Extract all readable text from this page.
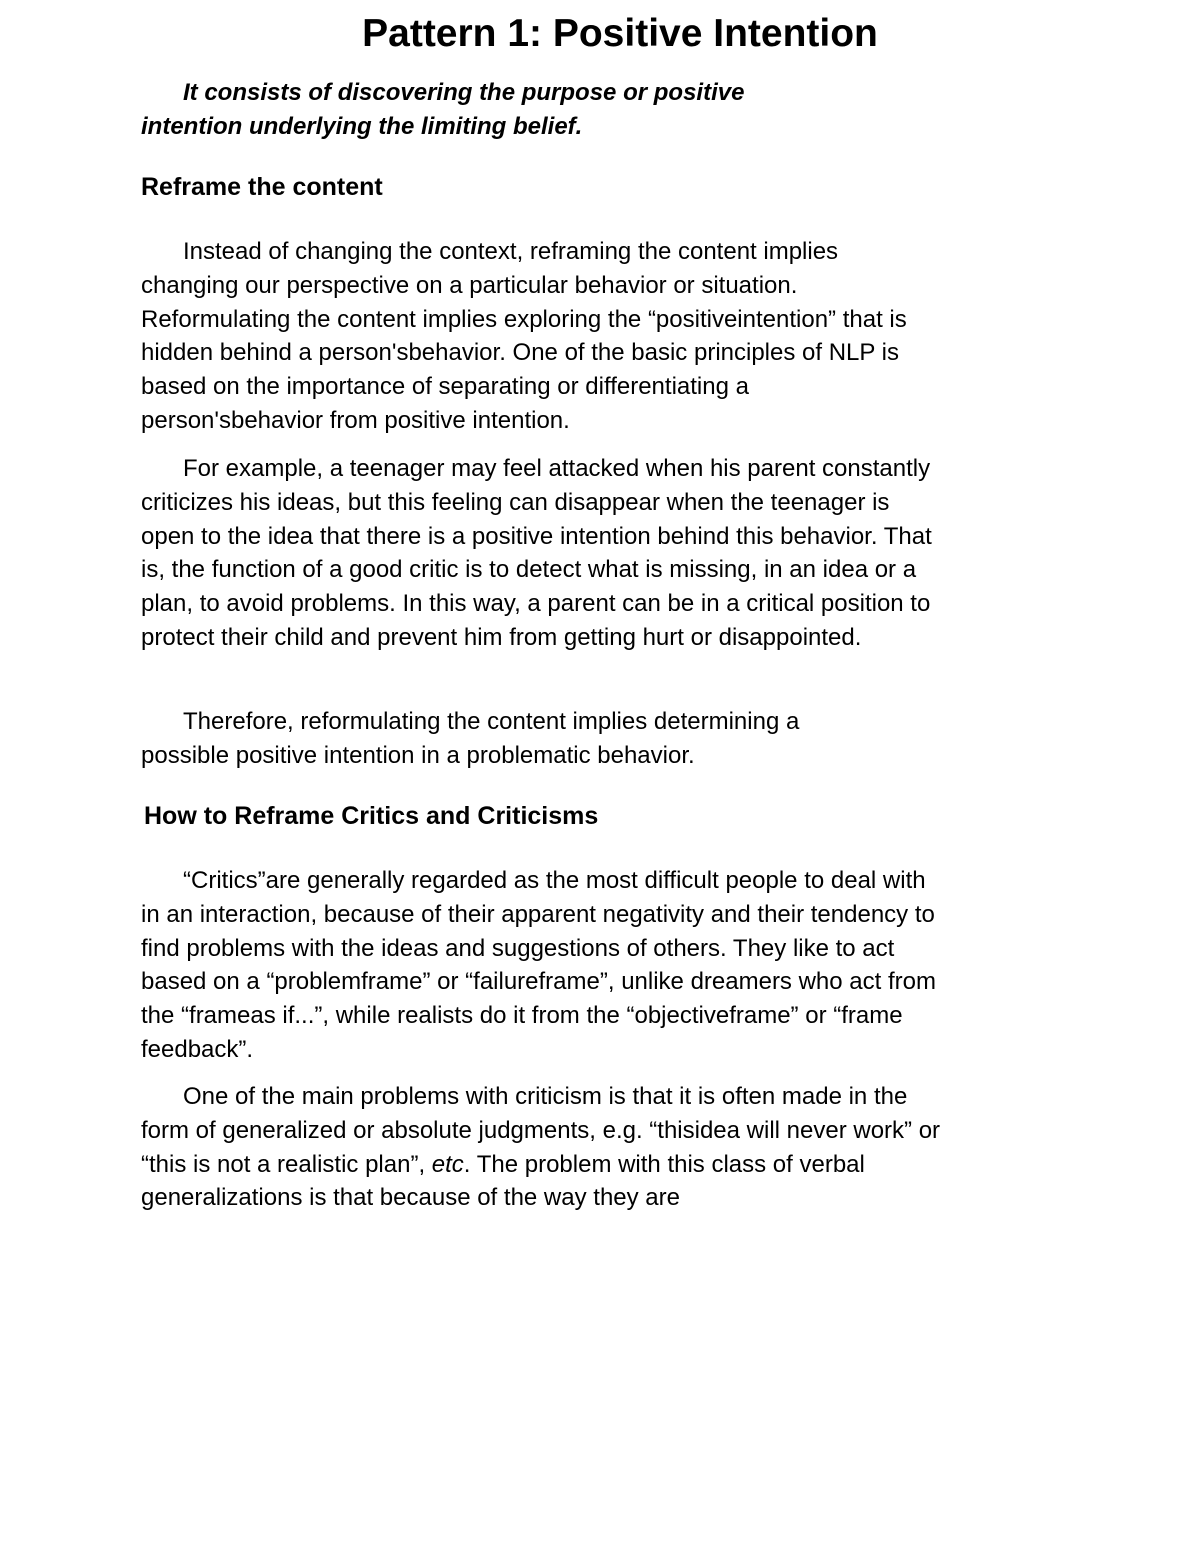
Pattern 1: Positive Intention

It consists of discovering the purpose or positive
intention underlying the limiting belief.

Reframe the content

Instead of changing the context, reframing the content implies
changing our perspective on a particular behavior or situation.
Reformulating the content implies exploring the “positiveintention” that is
hidden behind a person'sbehavior. One of the basic principles of NLP is
based on the importance of separating or differentiating a
person'sbehavior from positive intention.

For example, a teenager may feel attacked when his parent constantly
criticizes his ideas, but this feeling can disappear when the teenager is
open to the idea that there is a positive intention behind this behavior. That
is, the function of a good critic is to detect what is missing, in an idea or a
plan, to avoid problems. In this way, a parent can be in a critical position to
protect their child and prevent him from getting hurt or disappointed.

Therefore, reformulating the content implies determining a
possible positive intention in a problematic behavior.

How to Reframe Critics and Criticisms

“Critics”are generally regarded as the most difficult people to deal with
in an interaction, because of their apparent negativity and their tendency to
find problems with the ideas and suggestions of others. They like to act
based on a “problemframe” or “failureframe”, unlike dreamers who act from
the “frameas if...”, while realists do it from the “objectiveframe” or “frame
feedback”.

One of the main problems with criticism is that it is often made in the
form of generalized or absolute judgments, e.g. “thisidea will never work” or
“this is not a realistic plan”, etc. The problem with this class of verbal
generalizations is that because of the way they are
